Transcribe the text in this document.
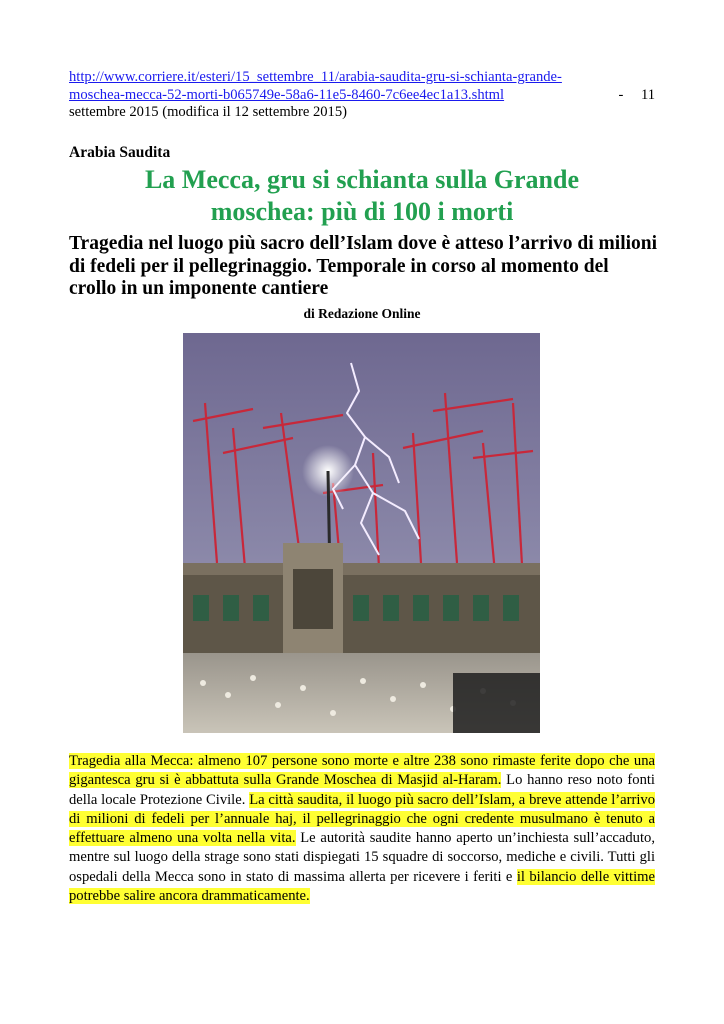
http://www.corriere.it/esteri/15_settembre_11/arabia-saudita-gru-si-schianta-grande-
moschea-mecca-52-morti-b065749e-58a6-11e5-8460-7c6ee4ec1a13.shtml	- 11
settembre 2015 (modifica il 12 settembre 2015)
Arabia Saudita
La Mecca, gru si schianta sulla Grande
moschea: più di 100 i morti
Tragedia nel luogo più sacro dell’Islam dove è atteso l’arrivo di milioni di fedeli per il pellegrinaggio. Temporale in corso al momento del crollo in un imponente cantiere
di Redazione Online
Tragedia alla Mecca: almeno 107 persone sono morte e altre 238 sono rimaste ferite dopo che una gigantesca gru si è abbattuta sulla Grande Moschea di Masjid al-Haram. Lo hanno reso noto fonti della locale Protezione Civile. La città saudita, il luogo più sacro dell’Islam, a breve attende l’arrivo di milioni di fedeli per l’annuale haj, il pellegrinaggio che ogni credente musulmano è tenuto a effettuare almeno una volta nella vita. Le autorità saudite hanno aperto un’inchiesta sull’accaduto, mentre sul luogo della strage sono stati dispiegati 15 squadre di soccorso, mediche e civili. Tutti gli ospedali della Mecca sono in stato di massima allerta per ricevere i feriti e il bilancio delle vittime potrebbe salire ancora drammaticamente.
